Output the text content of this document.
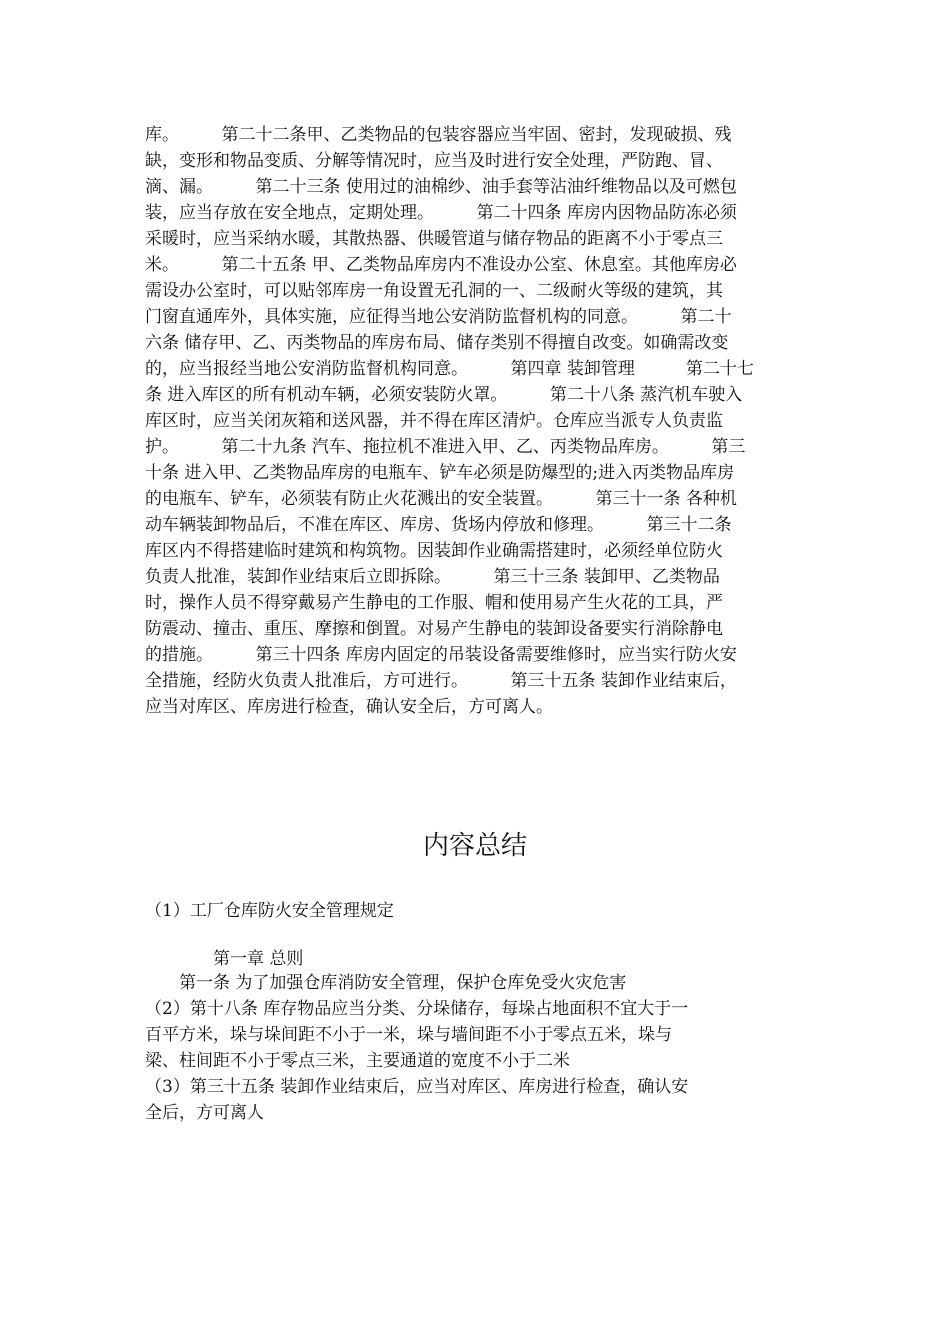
库。　　　第二十二条甲、乙类物品的包装容器应当牢固、密封，发现破损、残
缺，变形和物品变质、分解等情况时，应当及时进行安全处理，严防跑、冒、
滴、漏。　　　第二十三条 使用过的油棉纱、油手套等沾油纤维物品以及可燃包
装，应当存放在安全地点，定期处理。　　　第二十四条 库房内因物品防冻必须
采暖时，应当采纳水暖，其散热器、供暖管道与储存物品的距离不小于零点三
米。　　　第二十五条 甲、乙类物品库房内不准设办公室、休息室。其他库房必
需设办公室时，可以贴邻库房一角设置无孔洞的一、二级耐火等级的建筑，其
门窗直通库外，具体实施，应征得当地公安消防监督机构的同意。　　　第二十
六条 储存甲、乙、丙类物品的库房布局、储存类别不得擅自改变。如确需改变
的，应当报经当地公安消防监督机构同意。　　　第四章 装卸管理　　　第二十七
条 进入库区的所有机动车辆，必须安装防火罩。　　　第二十八条 蒸汽机车驶入
库区时，应当关闭灰箱和送风器，并不得在库区清炉。仓库应当派专人负责监
护。　　　第二十九条 汽车、拖拉机不准进入甲、乙、丙类物品库房。　　　第三
十条 进入甲、乙类物品库房的电瓶车、铲车必须是防爆型的;进入丙类物品库房
的电瓶车、铲车，必须装有防止火花溅出的安全装置。　　　第三十一条 各种机
动车辆装卸物品后，不准在库区、库房、货场内停放和修理。　　　第三十二条
库区内不得搭建临时建筑和构筑物。因装卸作业确需搭建时，必须经单位防火
负责人批准，装卸作业结束后立即拆除。　　　第三十三条 装卸甲、乙类物品
时，操作人员不得穿戴易产生静电的工作服、帽和使用易产生火花的工具，严
防震动、撞击、重压、摩擦和倒置。对易产生静电的装卸设备要实行消除静电
的措施。　　　第三十四条 库房内固定的吊装设备需要维修时，应当实行防火安
全措施，经防火负责人批准后，方可进行。　　　第三十五条 装卸作业结束后，
应当对库区、库房进行检查，确认安全后，方可离人。
内容总结
（1）工厂仓库防火安全管理规定
　　　　第一章 总则
　　第一条 为了加强仓库消防安全管理，保护仓库免受火灾危害
（2）第十八条 库存物品应当分类、分垛储存，每垛占地面积不宜大于一
百平方米，垛与垛间距不小于一米，垛与墙间距不小于零点五米，垛与
梁、柱间距不小于零点三米，主要通道的宽度不小于二米
（3）第三十五条 装卸作业结束后，应当对库区、库房进行检查，确认安
全后，方可离人
